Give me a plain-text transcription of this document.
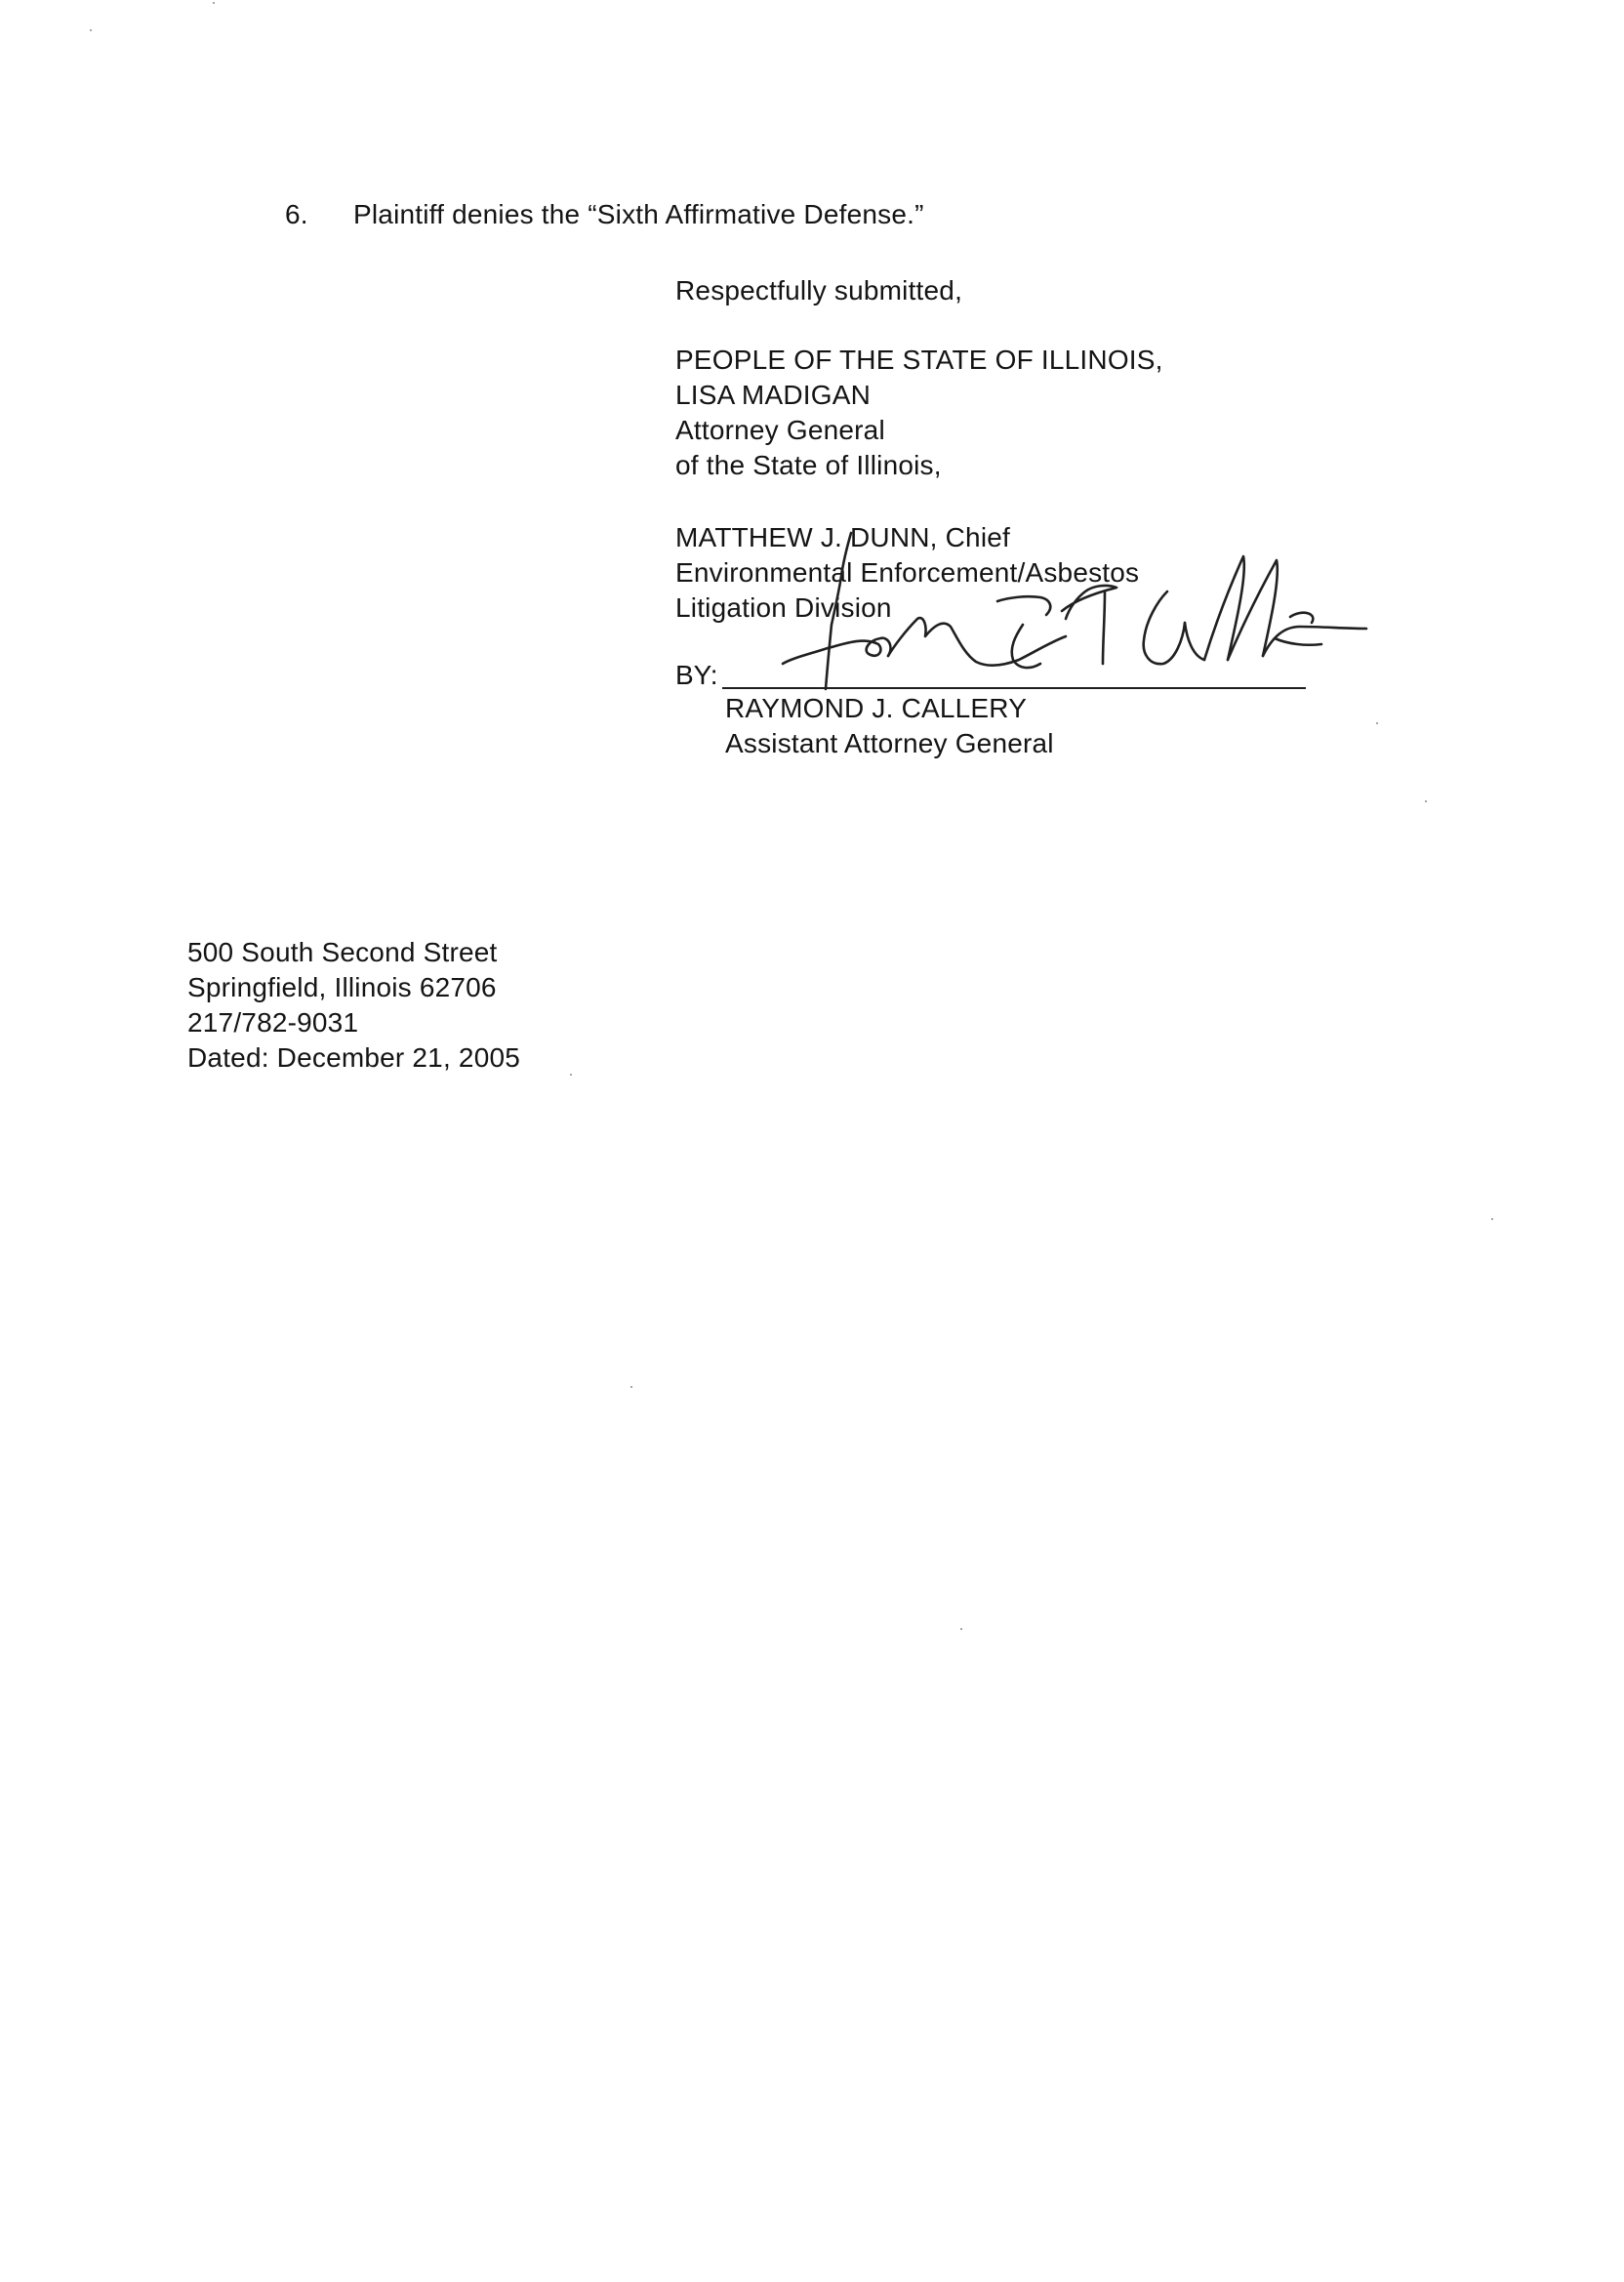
6. Plaintiff denies the “Sixth Affirmative Defense.”
Respectfully submitted,
PEOPLE OF THE STATE OF ILLINOIS,
LISA MADIGAN
Attorney General
of the State of Illinois,
MATTHEW J. DUNN, Chief
Environmental Enforcement/Asbestos
Litigation Division
BY:
RAYMOND J. CALLERY
Assistant Attorney General
500 South Second Street
Springfield, Illinois 62706
217/782-9031
Dated: December 21, 2005
